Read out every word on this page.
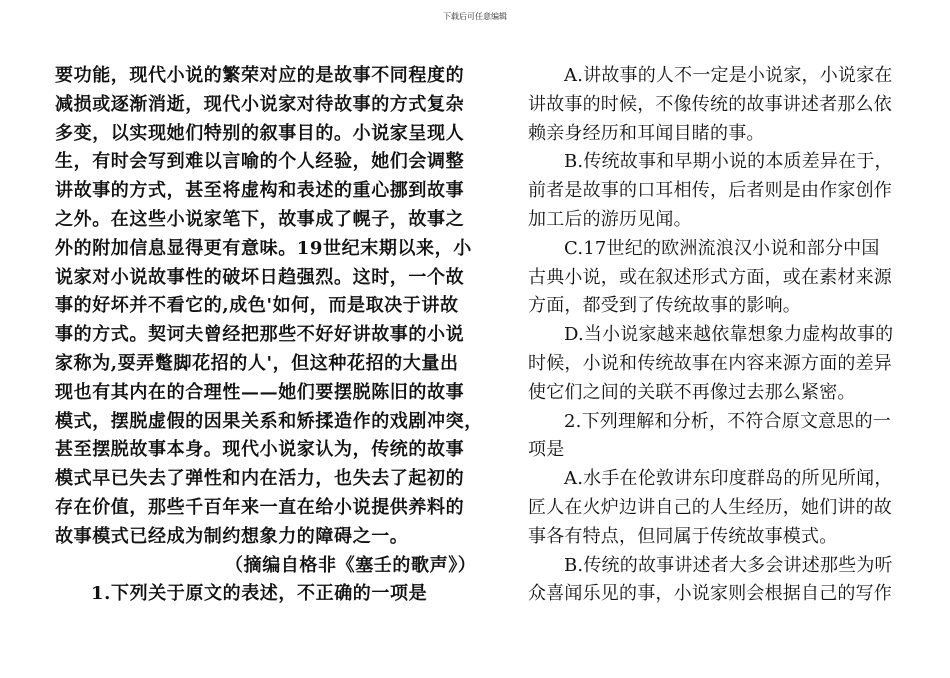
下载后可任意编辑
要功能，现代小说的繁荣对应的是故事不同程度的
减损或逐渐消逝，现代小说家对待故事的方式复杂
多变，以实现她们特别的叙事目的。小说家呈现人
生，有时会写到难以言喻的个人经验，她们会调整
讲故事的方式，甚至将虚构和表述的重心挪到故事
之外。在这些小说家笔下，故事成了幌子，故事之
外的附加信息显得更有意味。19世纪末期以来，小
说家对小说故事性的破坏日趋强烈。这时，一个故
事的好坏并不看它的,成色'如何，而是取决于讲故
事的方式。契诃夫曾经把那些不好好讲故事的小说
家称为,耍弄蹩脚花招的人'，但这种花招的大量出
现也有其内在的合理性——她们要摆脱陈旧的故事
模式，摆脱虚假的因果关系和矫揉造作的戏剧冲突，
甚至摆脱故事本身。现代小说家认为，传统的故事
模式早已失去了弹性和内在活力，也失去了起初的
存在价值，那些千百年来一直在给小说提供养料的
故事模式已经成为制约想象力的障碍之一。
（摘编自格非《塞壬的歌声》）
1.下列关于原文的表述，不正确的一项是
A.讲故事的人不一定是小说家，小说家在
讲故事的时候，不像传统的故事讲述者那么依
赖亲身经历和耳闻目睹的事。
B.传统故事和早期小说的本质差异在于，
前者是故事的口耳相传，后者则是由作家创作
加工后的游历见闻。
C.17世纪的欧洲流浪汉小说和部分中国
古典小说，或在叙述形式方面，或在素材来源
方面，都受到了传统故事的影响。
D.当小说家越来越依靠想象力虚构故事的
时候，小说和传统故事在内容来源方面的差异
使它们之间的关联不再像过去那么紧密。
2.下列理解和分析，不符合原文意思的一
项是
A.水手在伦敦讲东印度群岛的所见所闻，
匠人在火炉边讲自己的人生经历，她们讲的故
事各有特点，但同属于传统故事模式。
B.传统的故事讲述者大多会讲述那些为听
众喜闻乐见的事，小说家则会根据自己的写作
